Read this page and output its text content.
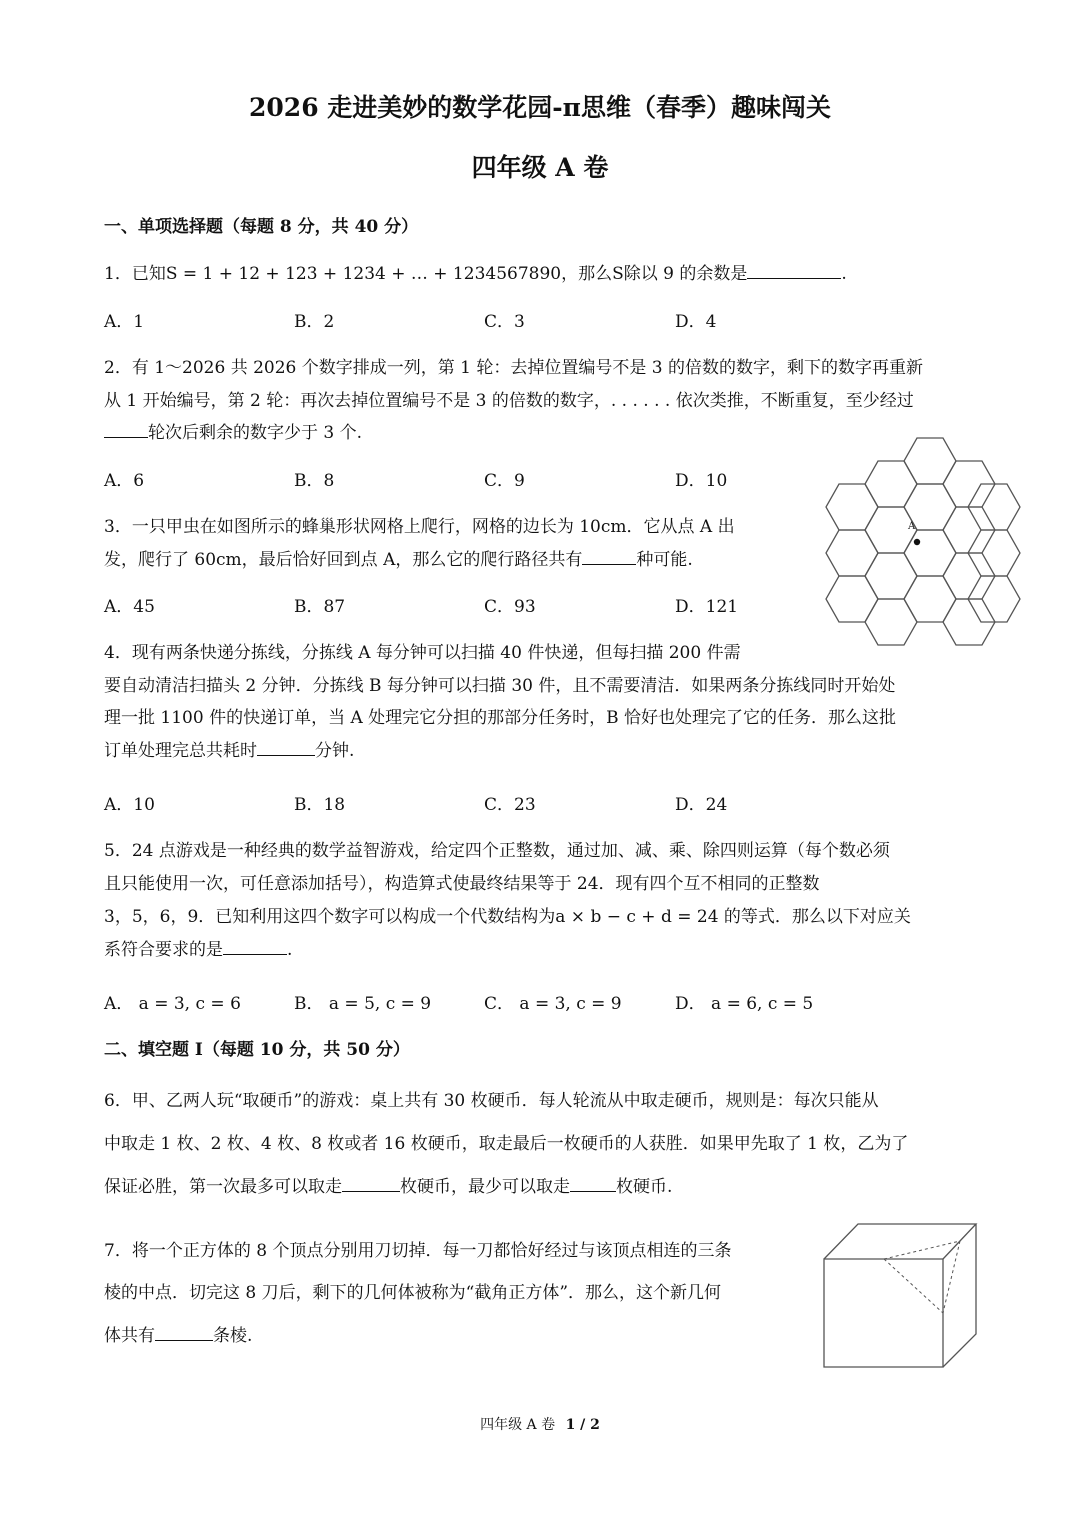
2026 走进美妙的数学花园-π思维（春季）趣味闯关
四年级 A 卷
一、单项选择题（每题 8 分，共 40 分）
1．已知S = 1 + 12 + 123 + 1234 + … + 1234567890，那么S除以 9 的余数是	.
A．1	B．2	C．3	D．4
2．有 1～2026 共 2026 个数字排成一列，第 1 轮：去掉位置编号不是 3 的倍数的数字，剩下的数字再重新
从 1 开始编号，第 2 轮：再次去掉位置编号不是 3 的倍数的数字，. . . . . . 依次类推，不断重复，至少经过
轮次后剩余的数字少于 3 个.
A．6	B．8	C．9	D．10
3．一只甲虫在如图所示的蜂巢形状网格上爬行，网格的边长为 10cm．它从点 A 出
发，爬行了 60cm，最后恰好回到点 A，那么它的爬行路径共有	种可能.
A．45	B．87	C．93	D．121
A
4．现有两条快递分拣线，分拣线 A 每分钟可以扫描 40 件快递，但每扫描 200 件需
要自动清洁扫描头 2 分钟．分拣线 B 每分钟可以扫描 30 件，且不需要清洁．如果两条分拣线同时开始处
理一批 1100 件的快递订单，当 A 处理完它分担的那部分任务时，B 恰好也处理完了它的任务．那么这批
订单处理完总共耗时	分钟.
A．10	B．18	C．23	D．24
5．24 点游戏是一种经典的数学益智游戏，给定四个正整数，通过加、减、乘、除四则运算（每个数必须
且只能使用一次，可任意添加括号），构造算式使最终结果等于 24．现有四个互不相同的正整数
3，5，6，9．已知利用这四个数字可以构成一个代数结构为a × b − c + d = 24 的等式．那么以下对应关
系符合要求的是	.
A． a = 3, c = 6	B． a = 5, c = 9	C． a = 3, c = 9	D． a = 6, c = 5
二、填空题 I（每题 10 分，共 50 分）
6．甲、乙两人玩“取硬币”的游戏：桌上共有 30 枚硬币．每人轮流从中取走硬币，规则是：每次只能从
中取走 1 枚、2 枚、4 枚、8 枚或者 16 枚硬币，取走最后一枚硬币的人获胜．如果甲先取了 1 枚，乙为了
保证必胜，第一次最多可以取走	枚硬币，最少可以取走	枚硬币.
7．将一个正方体的 8 个顶点分别用刀切掉．每一刀都恰好经过与该顶点相连的三条
棱的中点．切完这 8 刀后，剩下的几何体被称为“截角正方体”．那么，这个新几何
体共有	条棱.
四年级 A 卷 1 / 2
